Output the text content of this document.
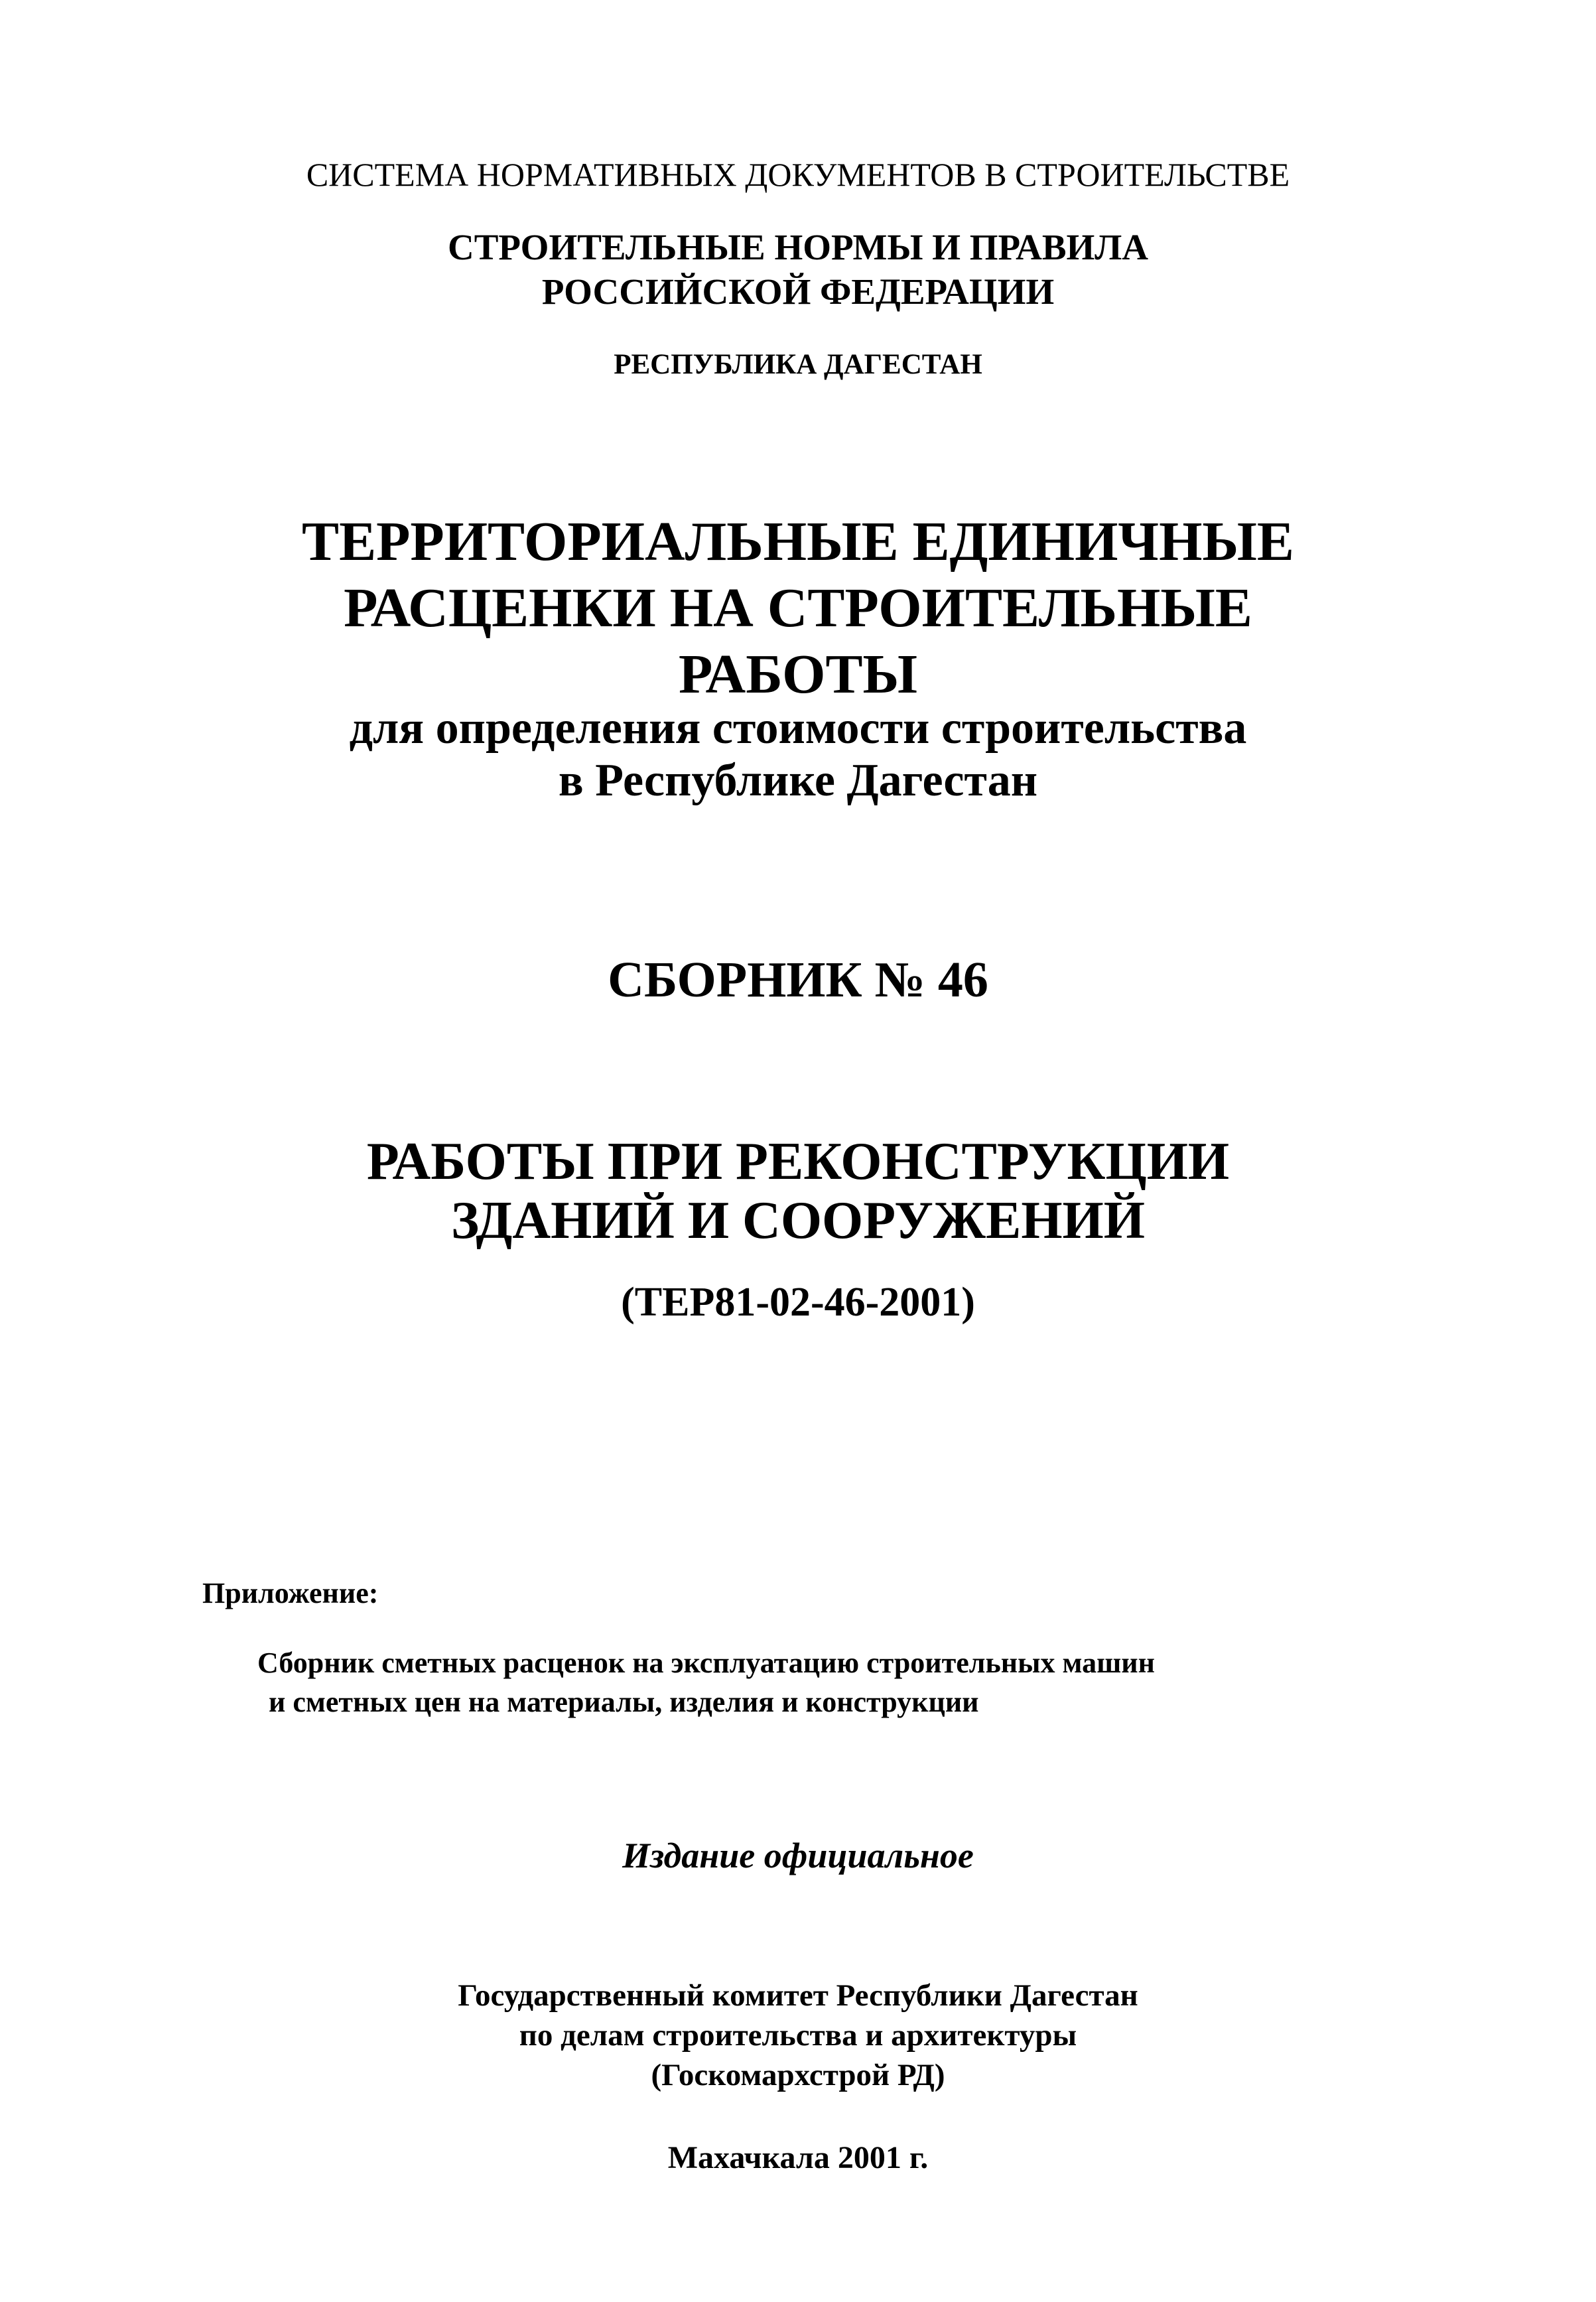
СИСТЕМА НОРМАТИВНЫХ ДОКУМЕНТОВ В СТРОИТЕЛЬСТВЕ

СТРОИТЕЛЬНЫЕ НОРМЫ И ПРАВИЛА

РОССИЙСКОЙ ФЕДЕРАЦИИ

РЕСПУБЛИКА ДАГЕСТАН

ТЕРРИТОРИАЛЬНЫЕ ЕДИНИЧНЫЕ

РАСЦЕНКИ НА СТРОИТЕЛЬНЫЕ

РАБОТЫ

для определения стоимости строительства

в Республике Дагестан

СБОРНИК № 46

РАБОТЫ ПРИ РЕКОНСТРУКЦИИ

ЗДАНИЙ И СООРУЖЕНИЙ

(ТЕР81-02-46-2001)

Приложение:

Сборник сметных расценок на эксплуатацию строительных машин

и сметных цен на материалы, изделия и конструкции

Издание официальное

Государственный комитет Республики Дагестан

по делам строительства и архитектуры

(Госкомархстрой РД)

Махачкала 2001 г.
